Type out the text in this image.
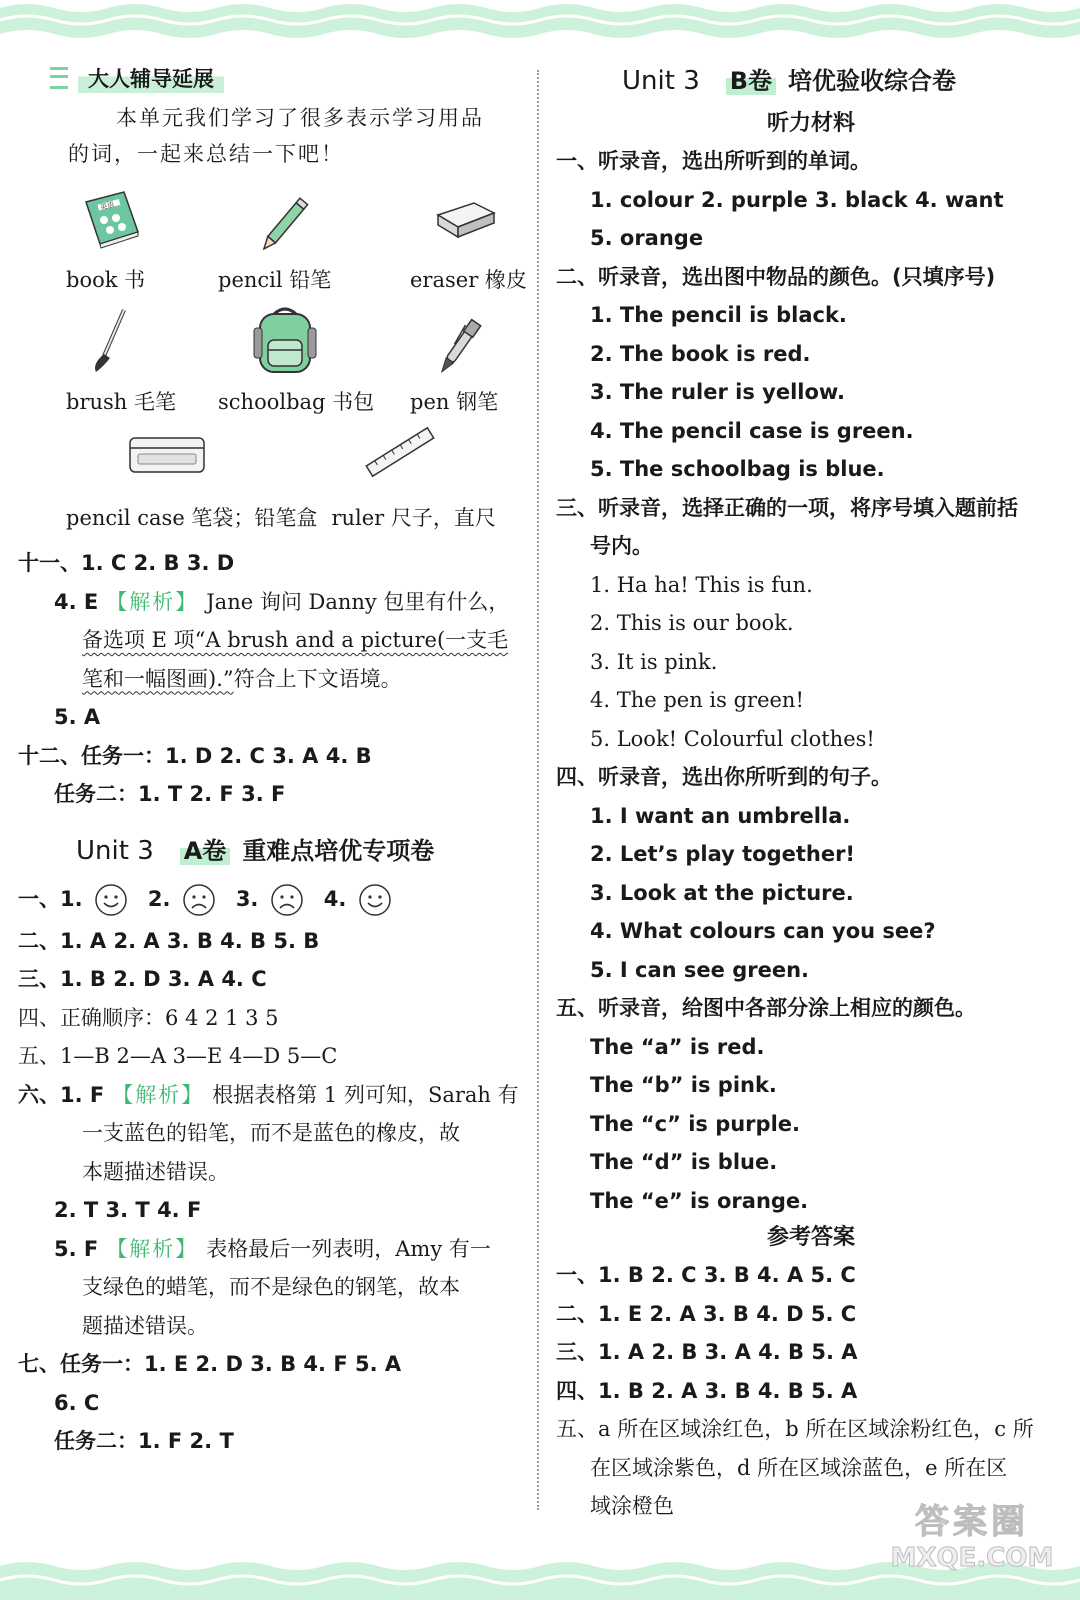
大人辅导延展
本单元我们学习了很多表示学习用品
的词，一起来总结一下吧！
英语
book 书	pencil 铅笔	eraser 橡皮
brush 毛笔	schoolbag 书包	pen 钢笔
pencil case 笔袋；铅笔盒 ruler 尺子，直尺
十一、1. C 2. B 3. D
4. E 【解析】 Jane 询问 Danny 包里有什么，
备选项 E 项“A brush and a picture(一支毛
笔和一幅图画).”符合上下文语境。
5. A
十二、任务一：1. D 2. C 3. A 4. B
任务二：1. T 2. F 3. F
Unit 3 A卷 重难点培优专项卷
一、1.	2.	3.	4.
二、1. A 2. A 3. B 4. B 5. B
三、1. B 2. D 3. A 4. C
四、正确顺序：6 4 2 1 3 5
五、1—B 2—A 3—E 4—D 5—C
六、1. F 【解析】 根据表格第 1 列可知，Sarah 有
一支蓝色的铅笔，而不是蓝色的橡皮，故
本题描述错误。
2. T 3. T 4. F
5. F 【解析】 表格最后一列表明，Amy 有一
支绿色的蜡笔，而不是绿色的钢笔，故本
题描述错误。
七、任务一：1. E 2. D 3. B 4. F 5. A
6. C
任务二：1. F 2. T
Unit 3 B卷 培优验收综合卷
听力材料
一、听录音，选出所听到的单词。
1. colour 2. purple 3. black 4. want
5. orange
二、听录音，选出图中物品的颜色。(只填序号)
1. The pencil is black.
2. The book is red.
3. The ruler is yellow.
4. The pencil case is green.
5. The schoolbag is blue.
三、听录音，选择正确的一项，将序号填入题前括
号内。
1. Ha ha! This is fun.
2. This is our book.
3. It is pink.
4. The pen is green!
5. Look! Colourful clothes!
四、听录音，选出你所听到的句子。
1. I want an umbrella.
2. Let’s play together!
3. Look at the picture.
4. What colours can you see?
5. I can see green.
五、听录音，给图中各部分涂上相应的颜色。
The “a” is red.
The “b” is pink.
The “c” is purple.
The “d” is blue.
The “e” is orange.
参考答案
一、1. B 2. C 3. B 4. A 5. C
二、1. E 2. A 3. B 4. D 5. C
三、1. A 2. B 3. A 4. B 5. A
四、1. B 2. A 3. B 4. B 5. A
五、a 所在区域涂红色，b 所在区域涂粉红色，c 所
在区域涂紫色，d 所在区域涂蓝色，e 所在区
域涂橙色	答案圈
MXQE.COM
